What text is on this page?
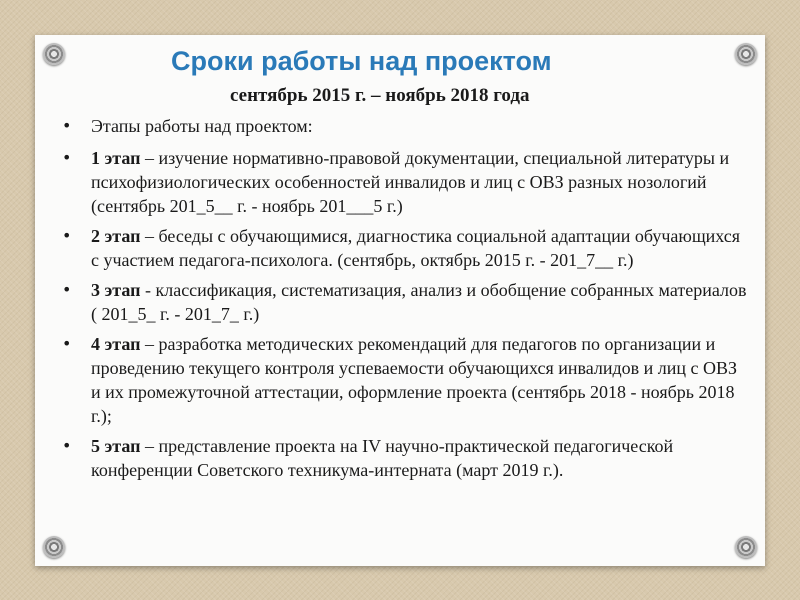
Сроки работы над проектом

сентябрь 2015 г. – ноябрь 2018 года

• Этапы работы над проектом:
• 1 этап – изучение нормативно-правовой документации, специальной литературы и психофизиологических особенностей инвалидов и лиц с ОВЗ разных нозологий (сентябрь 201_5__ г. - ноябрь 201___5 г.)
• 2 этап – беседы с обучающимися, диагностика социальной адаптации обучающихся с участием педагога-психолога. (сентябрь, октябрь 2015 г. - 201_7__ г.)
• 3 этап - классификация, систематизация, анализ и обобщение собранных материалов ( 201_5_ г. - 201_7_ г.)
• 4 этап – разработка методических рекомендаций для педагогов по организации и проведению текущего контроля успеваемости обучающихся инвалидов и лиц с ОВЗ и их промежуточной аттестации, оформление проекта (сентябрь 2018 - ноябрь 2018 г.);
• 5 этап – представление проекта на IV научно-практической педагогической конференции Советского техникума-интерната (март 2019 г.).
